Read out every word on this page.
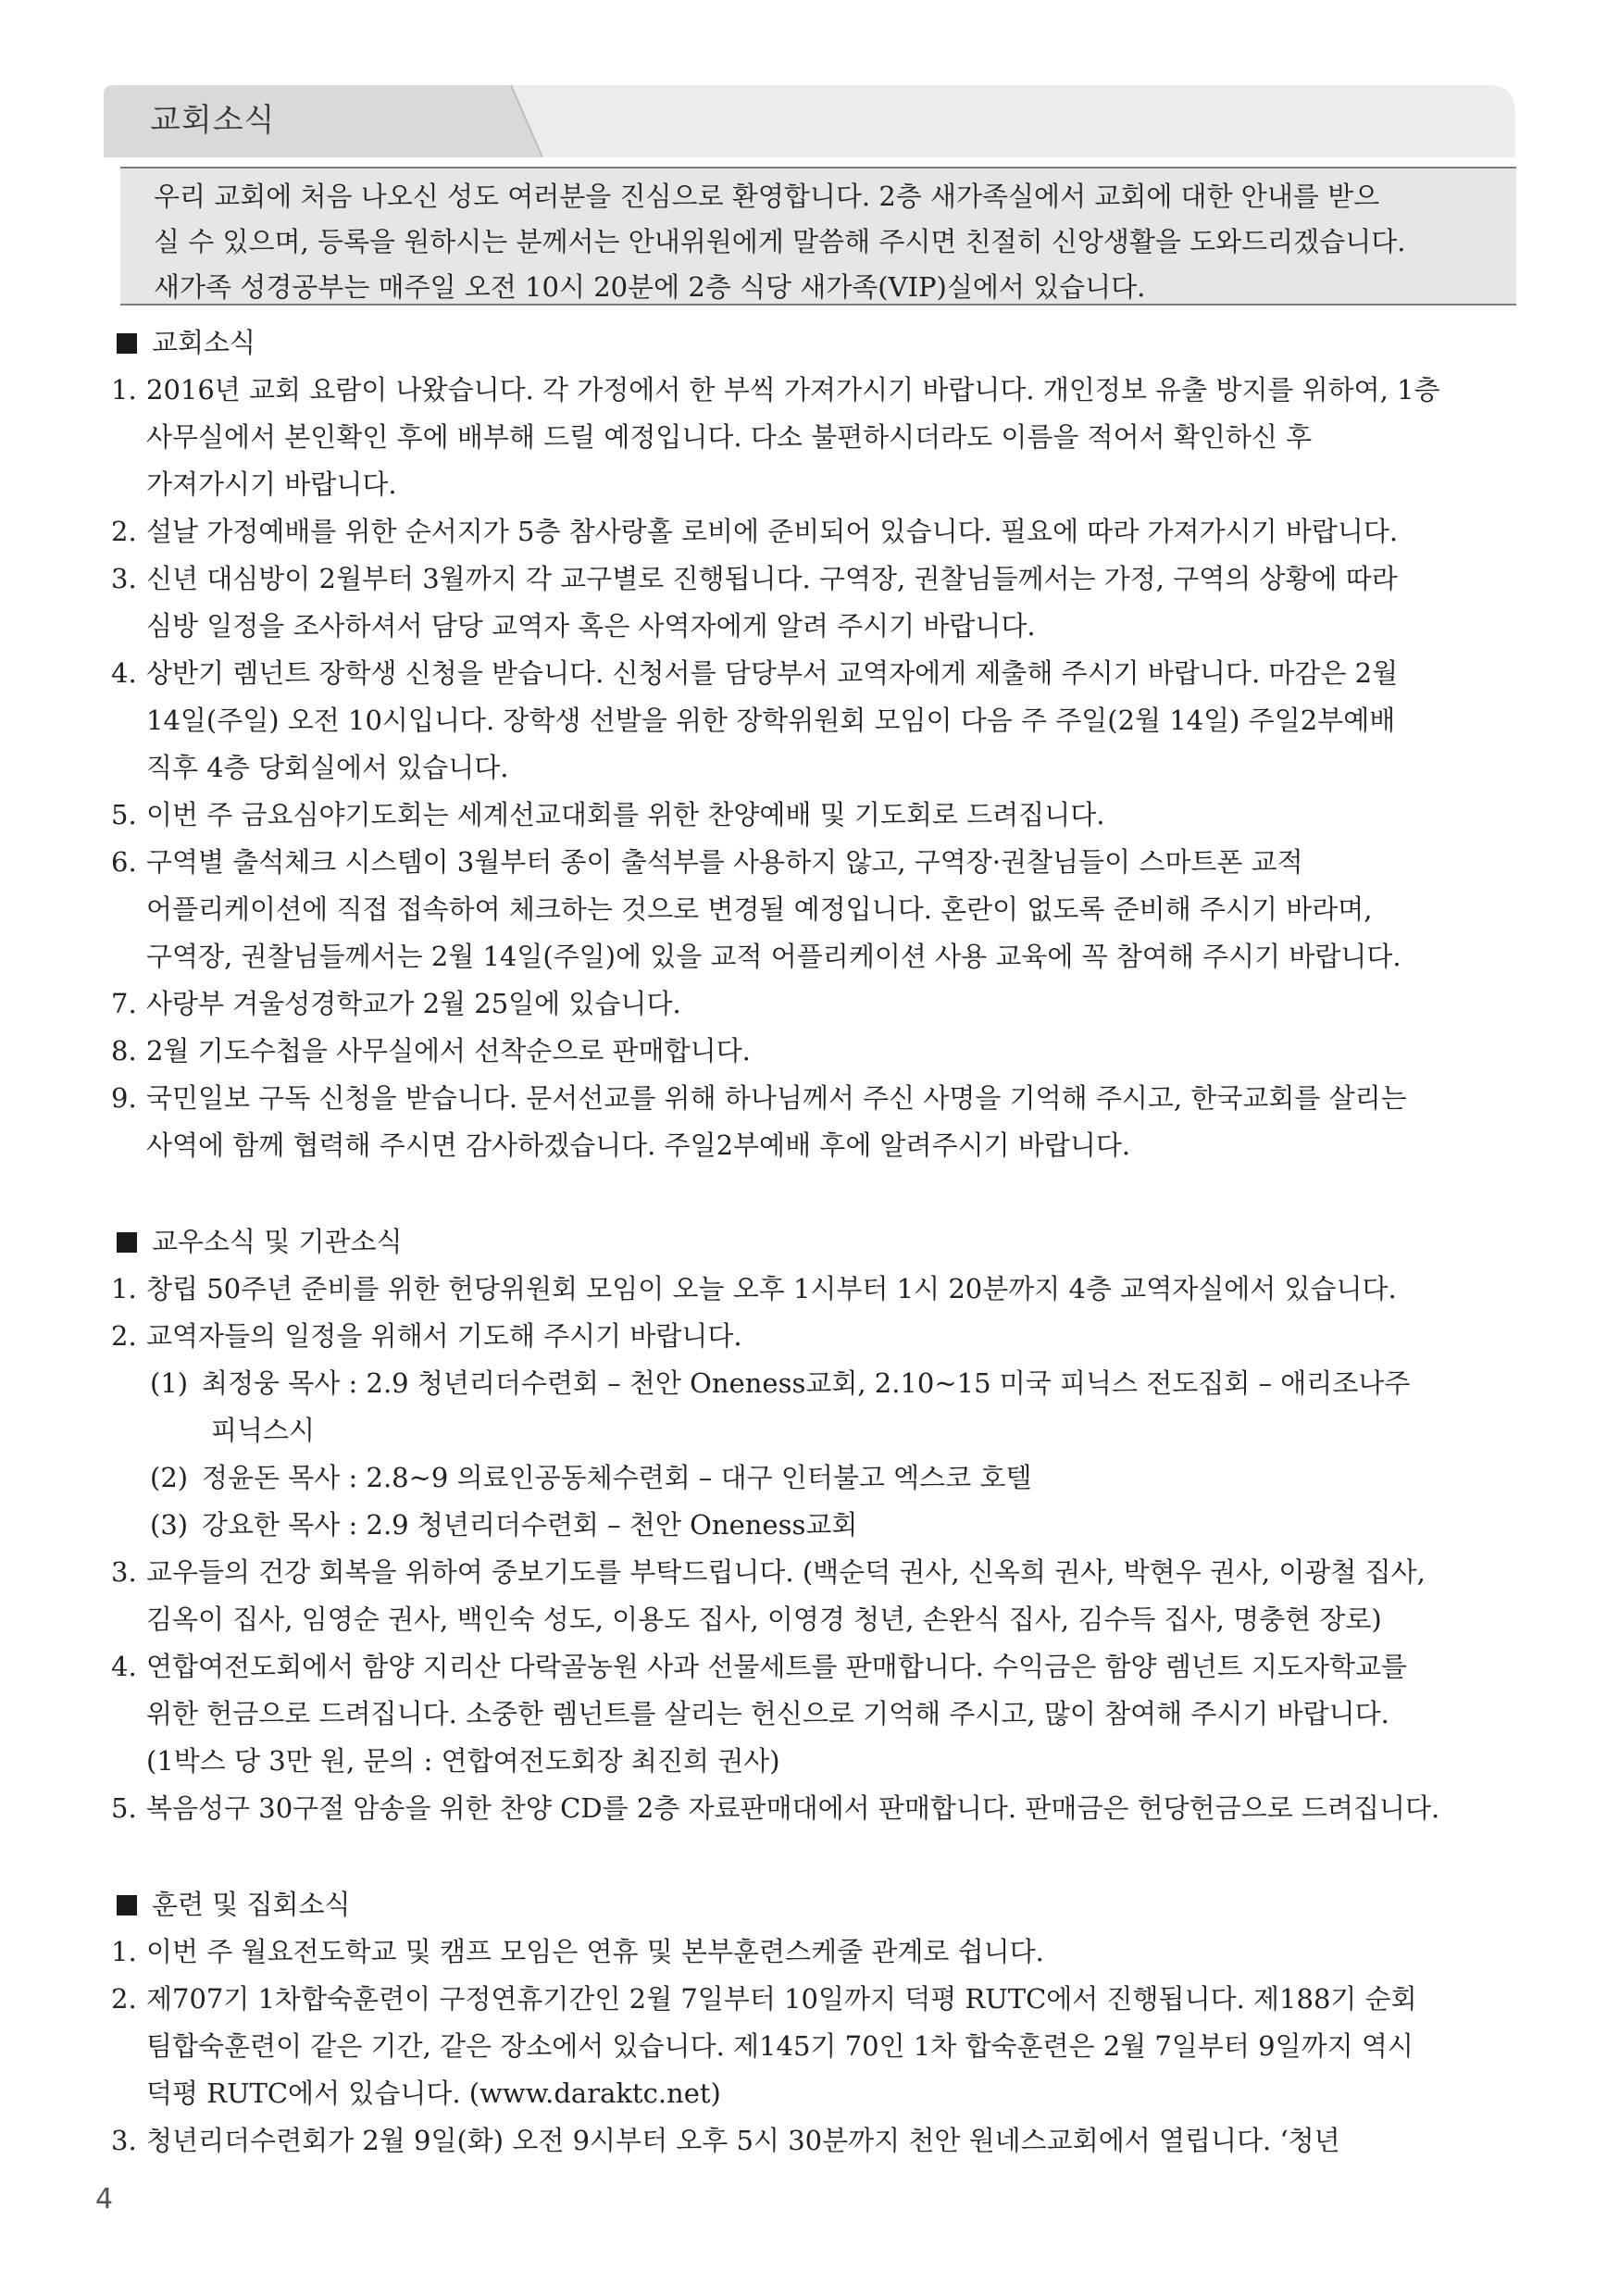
교회소식

우리 교회에 처음 나오신 성도 여러분을 진심으로 환영합니다. 2층 새가족실에서 교회에 대한 안내를 받으

실 수 있으며, 등록을 원하시는 분께서는 안내위원에게 말씀해 주시면 친절히 신앙생활을 도와드리겠습니다.

새가족 성경공부는 매주일 오전 10시 20분에 2층 식당 새가족(VIP)실에서 있습니다.

교회소식
1. 2016년 교회 요람이 나왔습니다. 각 가정에서 한 부씩 가져가시기 바랍니다. 개인정보 유출 방지를 위하여, 1층
사무실에서 본인확인 후에 배부해 드릴 예정입니다. 다소 불편하시더라도 이름을 적어서 확인하신 후
가져가시기 바랍니다.
2. 설날 가정예배를 위한 순서지가 5층 참사랑홀 로비에 준비되어 있습니다. 필요에 따라 가져가시기 바랍니다.
3. 신년 대심방이 2월부터 3월까지 각 교구별로 진행됩니다. 구역장, 권찰님들께서는 가정, 구역의 상황에 따라
심방 일정을 조사하셔서 담당 교역자 혹은 사역자에게 알려 주시기 바랍니다.
4. 상반기 렘넌트 장학생 신청을 받습니다. 신청서를 담당부서 교역자에게 제출해 주시기 바랍니다. 마감은 2월
14일(주일) 오전 10시입니다. 장학생 선발을 위한 장학위원회 모임이 다음 주 주일(2월 14일) 주일2부예배
직후 4층 당회실에서 있습니다.
5. 이번 주 금요심야기도회는 세계선교대회를 위한 찬양예배 및 기도회로 드려집니다.
6. 구역별 출석체크 시스템이 3월부터 종이 출석부를 사용하지 않고, 구역장·권찰님들이 스마트폰 교적
어플리케이션에 직접 접속하여 체크하는 것으로 변경될 예정입니다. 혼란이 없도록 준비해 주시기 바라며,
구역장, 권찰님들께서는 2월 14일(주일)에 있을 교적 어플리케이션 사용 교육에 꼭 참여해 주시기 바랍니다.
7. 사랑부 겨울성경학교가 2월 25일에 있습니다.
8. 2월 기도수첩을 사무실에서 선착순으로 판매합니다.
9. 국민일보 구독 신청을 받습니다. 문서선교를 위해 하나님께서 주신 사명을 기억해 주시고, 한국교회를 살리는
사역에 함께 협력해 주시면 감사하겠습니다. 주일2부예배 후에 알려주시기 바랍니다.
교우소식 및 기관소식
1. 창립 50주년 준비를 위한 헌당위원회 모임이 오늘 오후 1시부터 1시 20분까지 4층 교역자실에서 있습니다.
2. 교역자들의 일정을 위해서 기도해 주시기 바랍니다.
(1) 최정웅 목사 : 2.9 청년리더수련회 – 천안 Oneness교회, 2.10~15 미국 피닉스 전도집회 – 애리조나주
피닉스시
(2) 정윤돈 목사 : 2.8~9 의료인공동체수련회 – 대구 인터불고 엑스코 호텔
(3) 강요한 목사 : 2.9 청년리더수련회 – 천안 Oneness교회
3. 교우들의 건강 회복을 위하여 중보기도를 부탁드립니다. (백순덕 권사, 신옥희 권사, 박현우 권사, 이광철 집사,
김옥이 집사, 임영순 권사, 백인숙 성도, 이용도 집사, 이영경 청년, 손완식 집사, 김수득 집사, 명충현 장로)
4. 연합여전도회에서 함양 지리산 다락골농원 사과 선물세트를 판매합니다. 수익금은 함양 렘넌트 지도자학교를
위한 헌금으로 드려집니다. 소중한 렘넌트를 살리는 헌신으로 기억해 주시고, 많이 참여해 주시기 바랍니다.
(1박스 당 3만 원, 문의 : 연합여전도회장 최진희 권사)
5. 복음성구 30구절 암송을 위한 찬양 CD를 2층 자료판매대에서 판매합니다. 판매금은 헌당헌금으로 드려집니다.
훈련 및 집회소식
1. 이번 주 월요전도학교 및 캠프 모임은 연휴 및 본부훈련스케줄 관계로 쉽니다.
2. 제707기 1차합숙훈련이 구정연휴기간인 2월 7일부터 10일까지 덕평 RUTC에서 진행됩니다. 제188기 순회
팀합숙훈련이 같은 기간, 같은 장소에서 있습니다. 제145기 70인 1차 합숙훈련은 2월 7일부터 9일까지 역시
덕평 RUTC에서 있습니다. (www.daraktc.net)
3. 청년리더수련회가 2월 9일(화) 오전 9시부터 오후 5시 30분까지 천안 원네스교회에서 열립니다. ‘청년
4
